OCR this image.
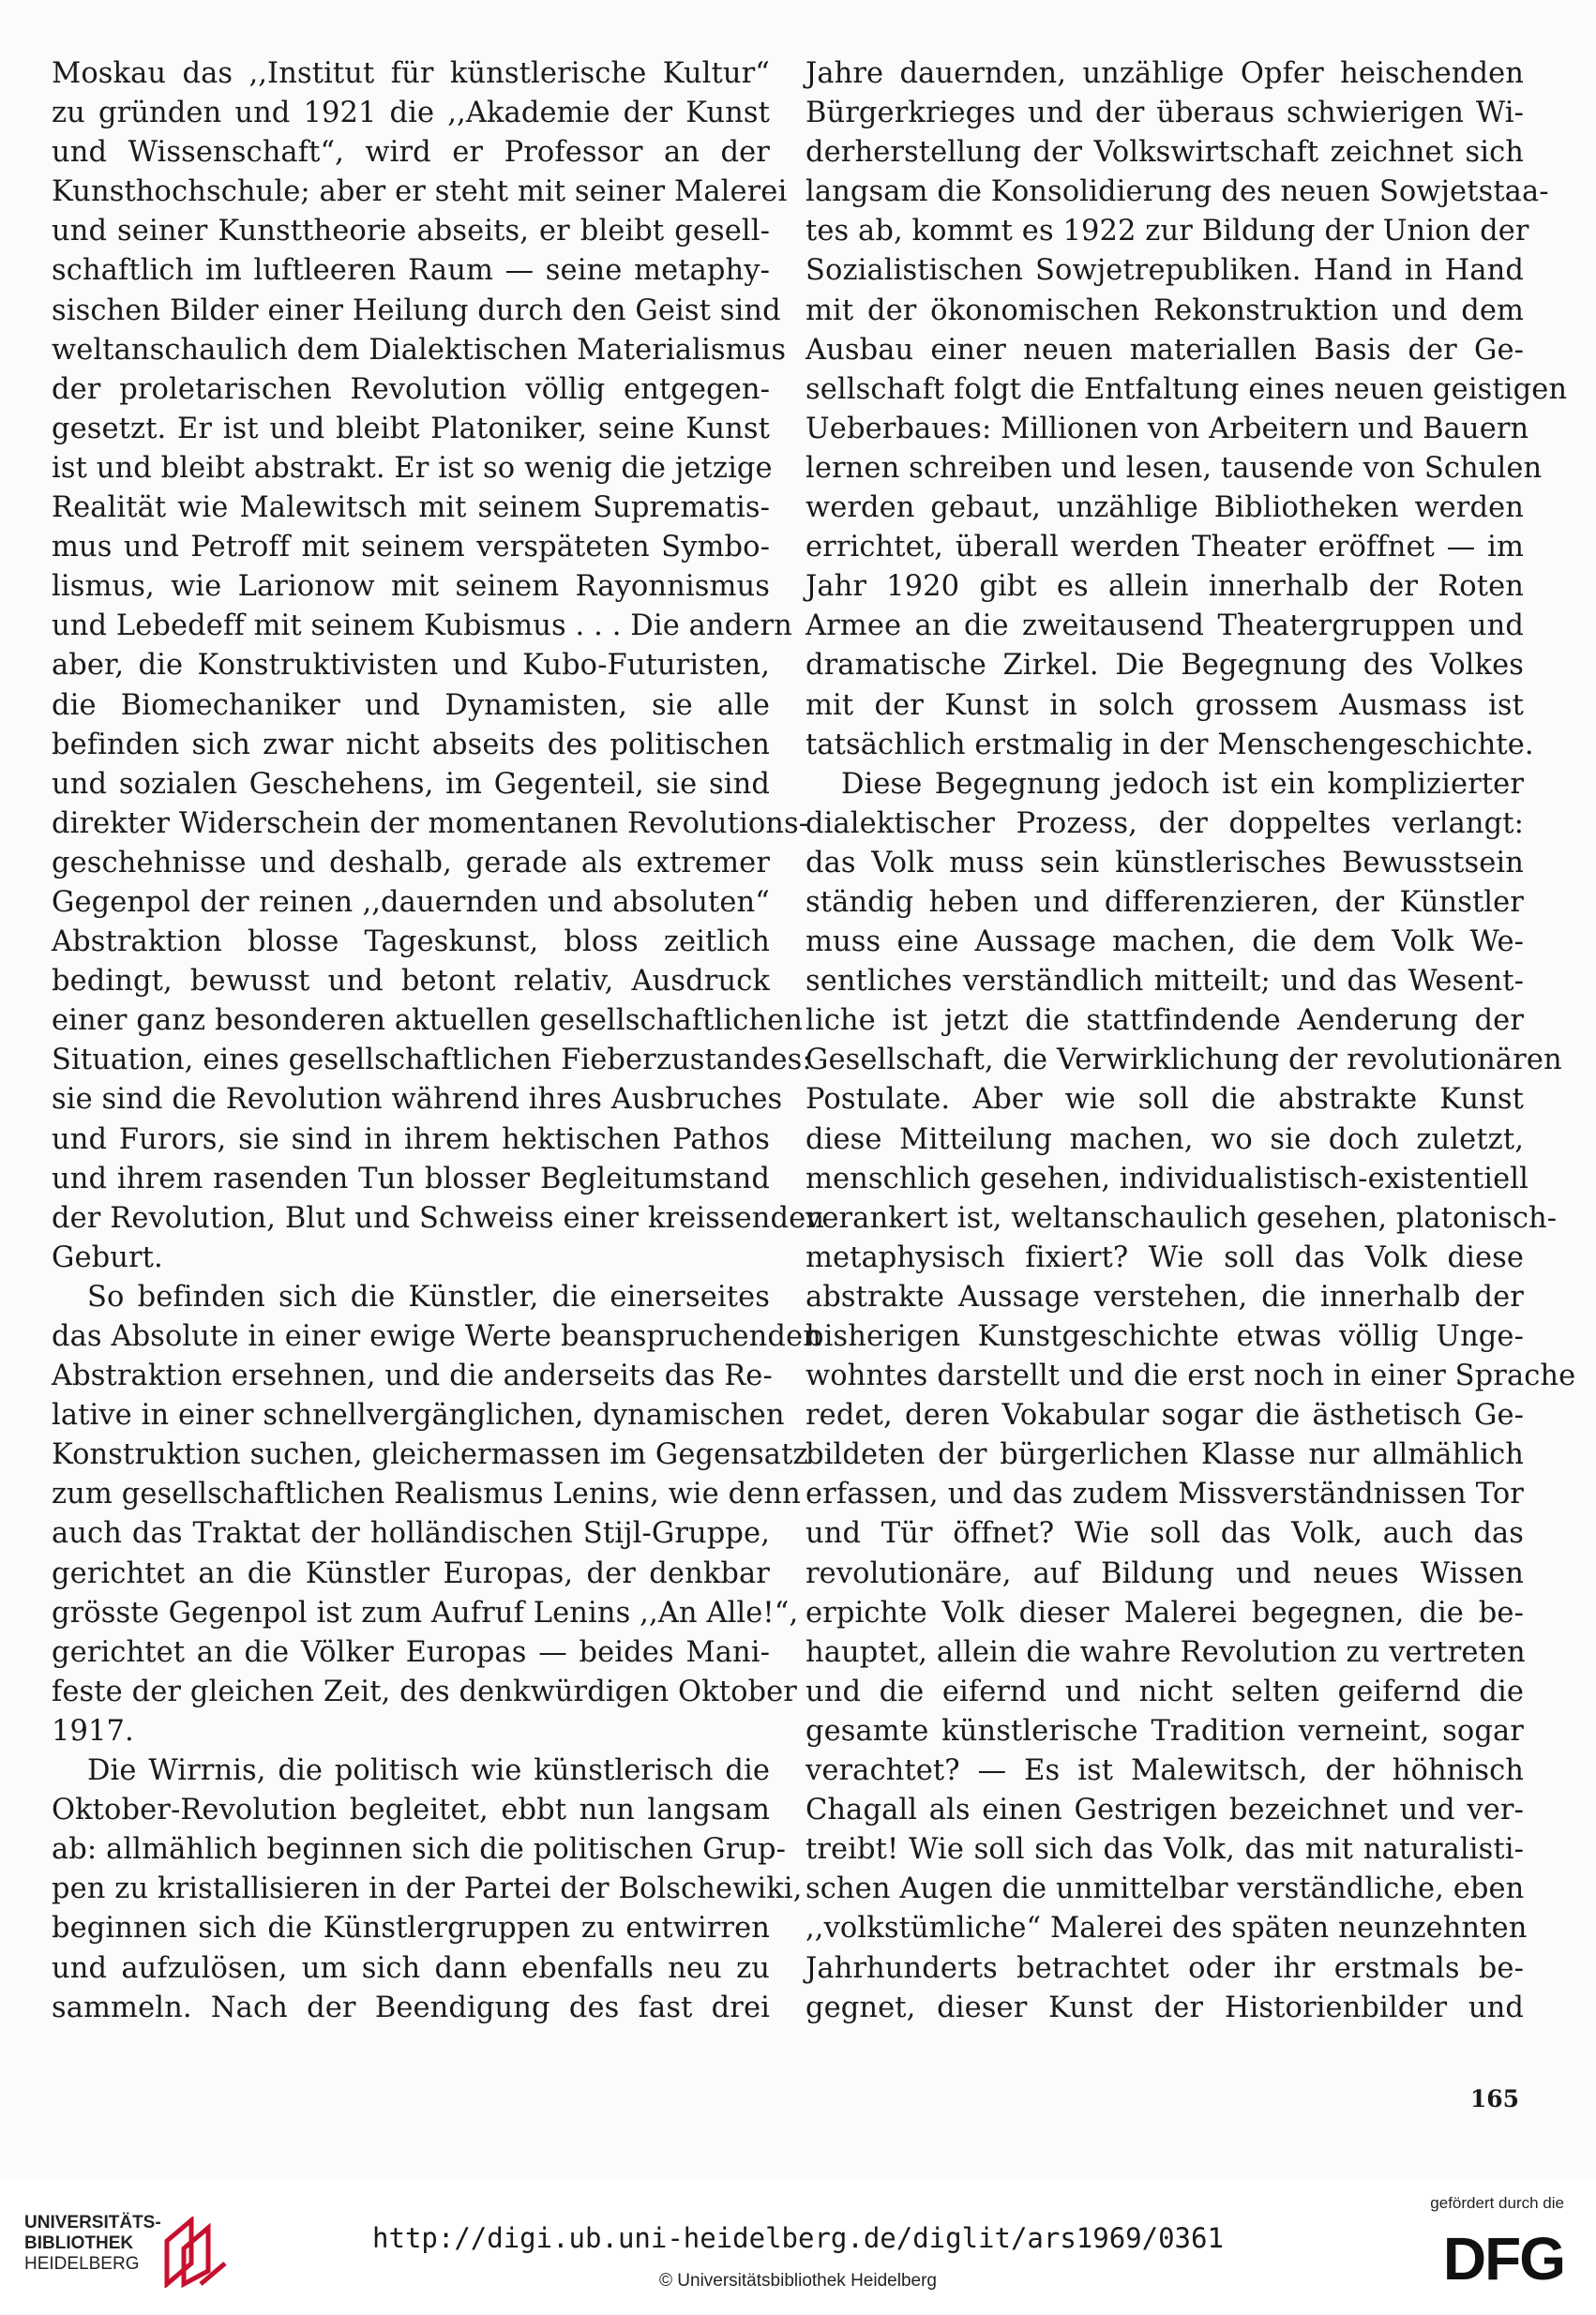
Moskau das ,,Institut für künstlerische Kultur“
zu gründen und 1921 die ,,Akademie der Kunst
und Wissenschaft“, wird er Professor an der
Kunsthochschule; aber er steht mit seiner Malerei
und seiner Kunsttheorie abseits, er bleibt gesell-
schaftlich im luftleeren Raum — seine metaphy-
sischen Bilder einer Heilung durch den Geist sind
weltanschaulich dem Dialektischen Materialismus
der proletarischen Revolution völlig entgegen-
gesetzt. Er ist und bleibt Platoniker, seine Kunst
ist und bleibt abstrakt. Er ist so wenig die jetzige
Realität wie Malewitsch mit seinem Suprematis-
mus und Petroff mit seinem verspäteten Symbo-
lismus, wie Larionow mit seinem Rayonnismus
und Lebedeff mit seinem Kubismus . . . Die andern
aber, die Konstruktivisten und Kubo-Futuristen,
die Biomechaniker und Dynamisten, sie alle
befinden sich zwar nicht abseits des politischen
und sozialen Geschehens, im Gegenteil, sie sind
direkter Widerschein der momentanen Revolutions-
geschehnisse und deshalb, gerade als extremer
Gegenpol der reinen ,,dauernden und absoluten“
Abstraktion blosse Tageskunst, bloss zeitlich
bedingt, bewusst und betont relativ, Ausdruck
einer ganz besonderen aktuellen gesellschaftlichen
Situation, eines gesellschaftlichen Fieberzustandes:
sie sind die Revolution während ihres Ausbruches
und Furors, sie sind in ihrem hektischen Pathos
und ihrem rasenden Tun blosser Begleitumstand
der Revolution, Blut und Schweiss einer kreissenden
Geburt.
So befinden sich die Künstler, die einerseites
das Absolute in einer ewige Werte beanspruchenden
Abstraktion ersehnen, und die anderseits das Re-
lative in einer schnellvergänglichen, dynamischen
Konstruktion suchen, gleichermassen im Gegensatz
zum gesellschaftlichen Realismus Lenins, wie denn
auch das Traktat der holländischen Stijl-Gruppe,
gerichtet an die Künstler Europas, der denkbar
grösste Gegenpol ist zum Aufruf Lenins ,,An Alle!“,
gerichtet an die Völker Europas — beides Mani-
feste der gleichen Zeit, des denkwürdigen Oktober
1917.
Die Wirrnis, die politisch wie künstlerisch die
Oktober-Revolution begleitet, ebbt nun langsam
ab: allmählich beginnen sich die politischen Grup-
pen zu kristallisieren in der Partei der Bolschewiki,
beginnen sich die Künstlergruppen zu entwirren
und aufzulösen, um sich dann ebenfalls neu zu
sammeln. Nach der Beendigung des fast drei
Jahre dauernden, unzählige Opfer heischenden
Bürgerkrieges und der überaus schwierigen Wi-
derherstellung der Volkswirtschaft zeichnet sich
langsam die Konsolidierung des neuen Sowjetstaa-
tes ab, kommt es 1922 zur Bildung der Union der
Sozialistischen Sowjetrepubliken. Hand in Hand
mit der ökonomischen Rekonstruktion und dem
Ausbau einer neuen materiallen Basis der Ge-
sellschaft folgt die Entfaltung eines neuen geistigen
Ueberbaues: Millionen von Arbeitern und Bauern
lernen schreiben und lesen, tausende von Schulen
werden gebaut, unzählige Bibliotheken werden
errichtet, überall werden Theater eröffnet — im
Jahr 1920 gibt es allein innerhalb der Roten
Armee an die zweitausend Theatergruppen und
dramatische Zirkel. Die Begegnung des Volkes
mit der Kunst in solch grossem Ausmass ist
tatsächlich erstmalig in der Menschengeschichte.
Diese Begegnung jedoch ist ein komplizierter
dialektischer Prozess, der doppeltes verlangt:
das Volk muss sein künstlerisches Bewusstsein
ständig heben und differenzieren, der Künstler
muss eine Aussage machen, die dem Volk We-
sentliches verständlich mitteilt; und das Wesent-
liche ist jetzt die stattfindende Aenderung der
Gesellschaft, die Verwirklichung der revolutionären
Postulate. Aber wie soll die abstrakte Kunst
diese Mitteilung machen, wo sie doch zuletzt,
menschlich gesehen, individualistisch-existentiell
verankert ist, weltanschaulich gesehen, platonisch-
metaphysisch fixiert? Wie soll das Volk diese
abstrakte Aussage verstehen, die innerhalb der
bisherigen Kunstgeschichte etwas völlig Unge-
wohntes darstellt und die erst noch in einer Sprache
redet, deren Vokabular sogar die ästhetisch Ge-
bildeten der bürgerlichen Klasse nur allmählich
erfassen, und das zudem Missverständnissen Tor
und Tür öffnet? Wie soll das Volk, auch das
revolutionäre, auf Bildung und neues Wissen
erpichte Volk dieser Malerei begegnen, die be-
hauptet, allein die wahre Revolution zu vertreten
und die eifernd und nicht selten geifernd die
gesamte künstlerische Tradition verneint, sogar
verachtet? — Es ist Malewitsch, der höhnisch
Chagall als einen Gestrigen bezeichnet und ver-
treibt! Wie soll sich das Volk, das mit naturalisti-
schen Augen die unmittelbar verständliche, eben
,,volkstümliche“ Malerei des späten neunzehnten
Jahrhunderts betrachtet oder ihr erstmals be-
gegnet, dieser Kunst der Historienbilder und
165
UNIVERSITÄTS-
BIBLIOTHEK
HEIDELBERG
http://digi.ub.uni-heidelberg.de/diglit/ars1969/0361
© Universitätsbibliothek Heidelberg
gefördert durch die
DFG
